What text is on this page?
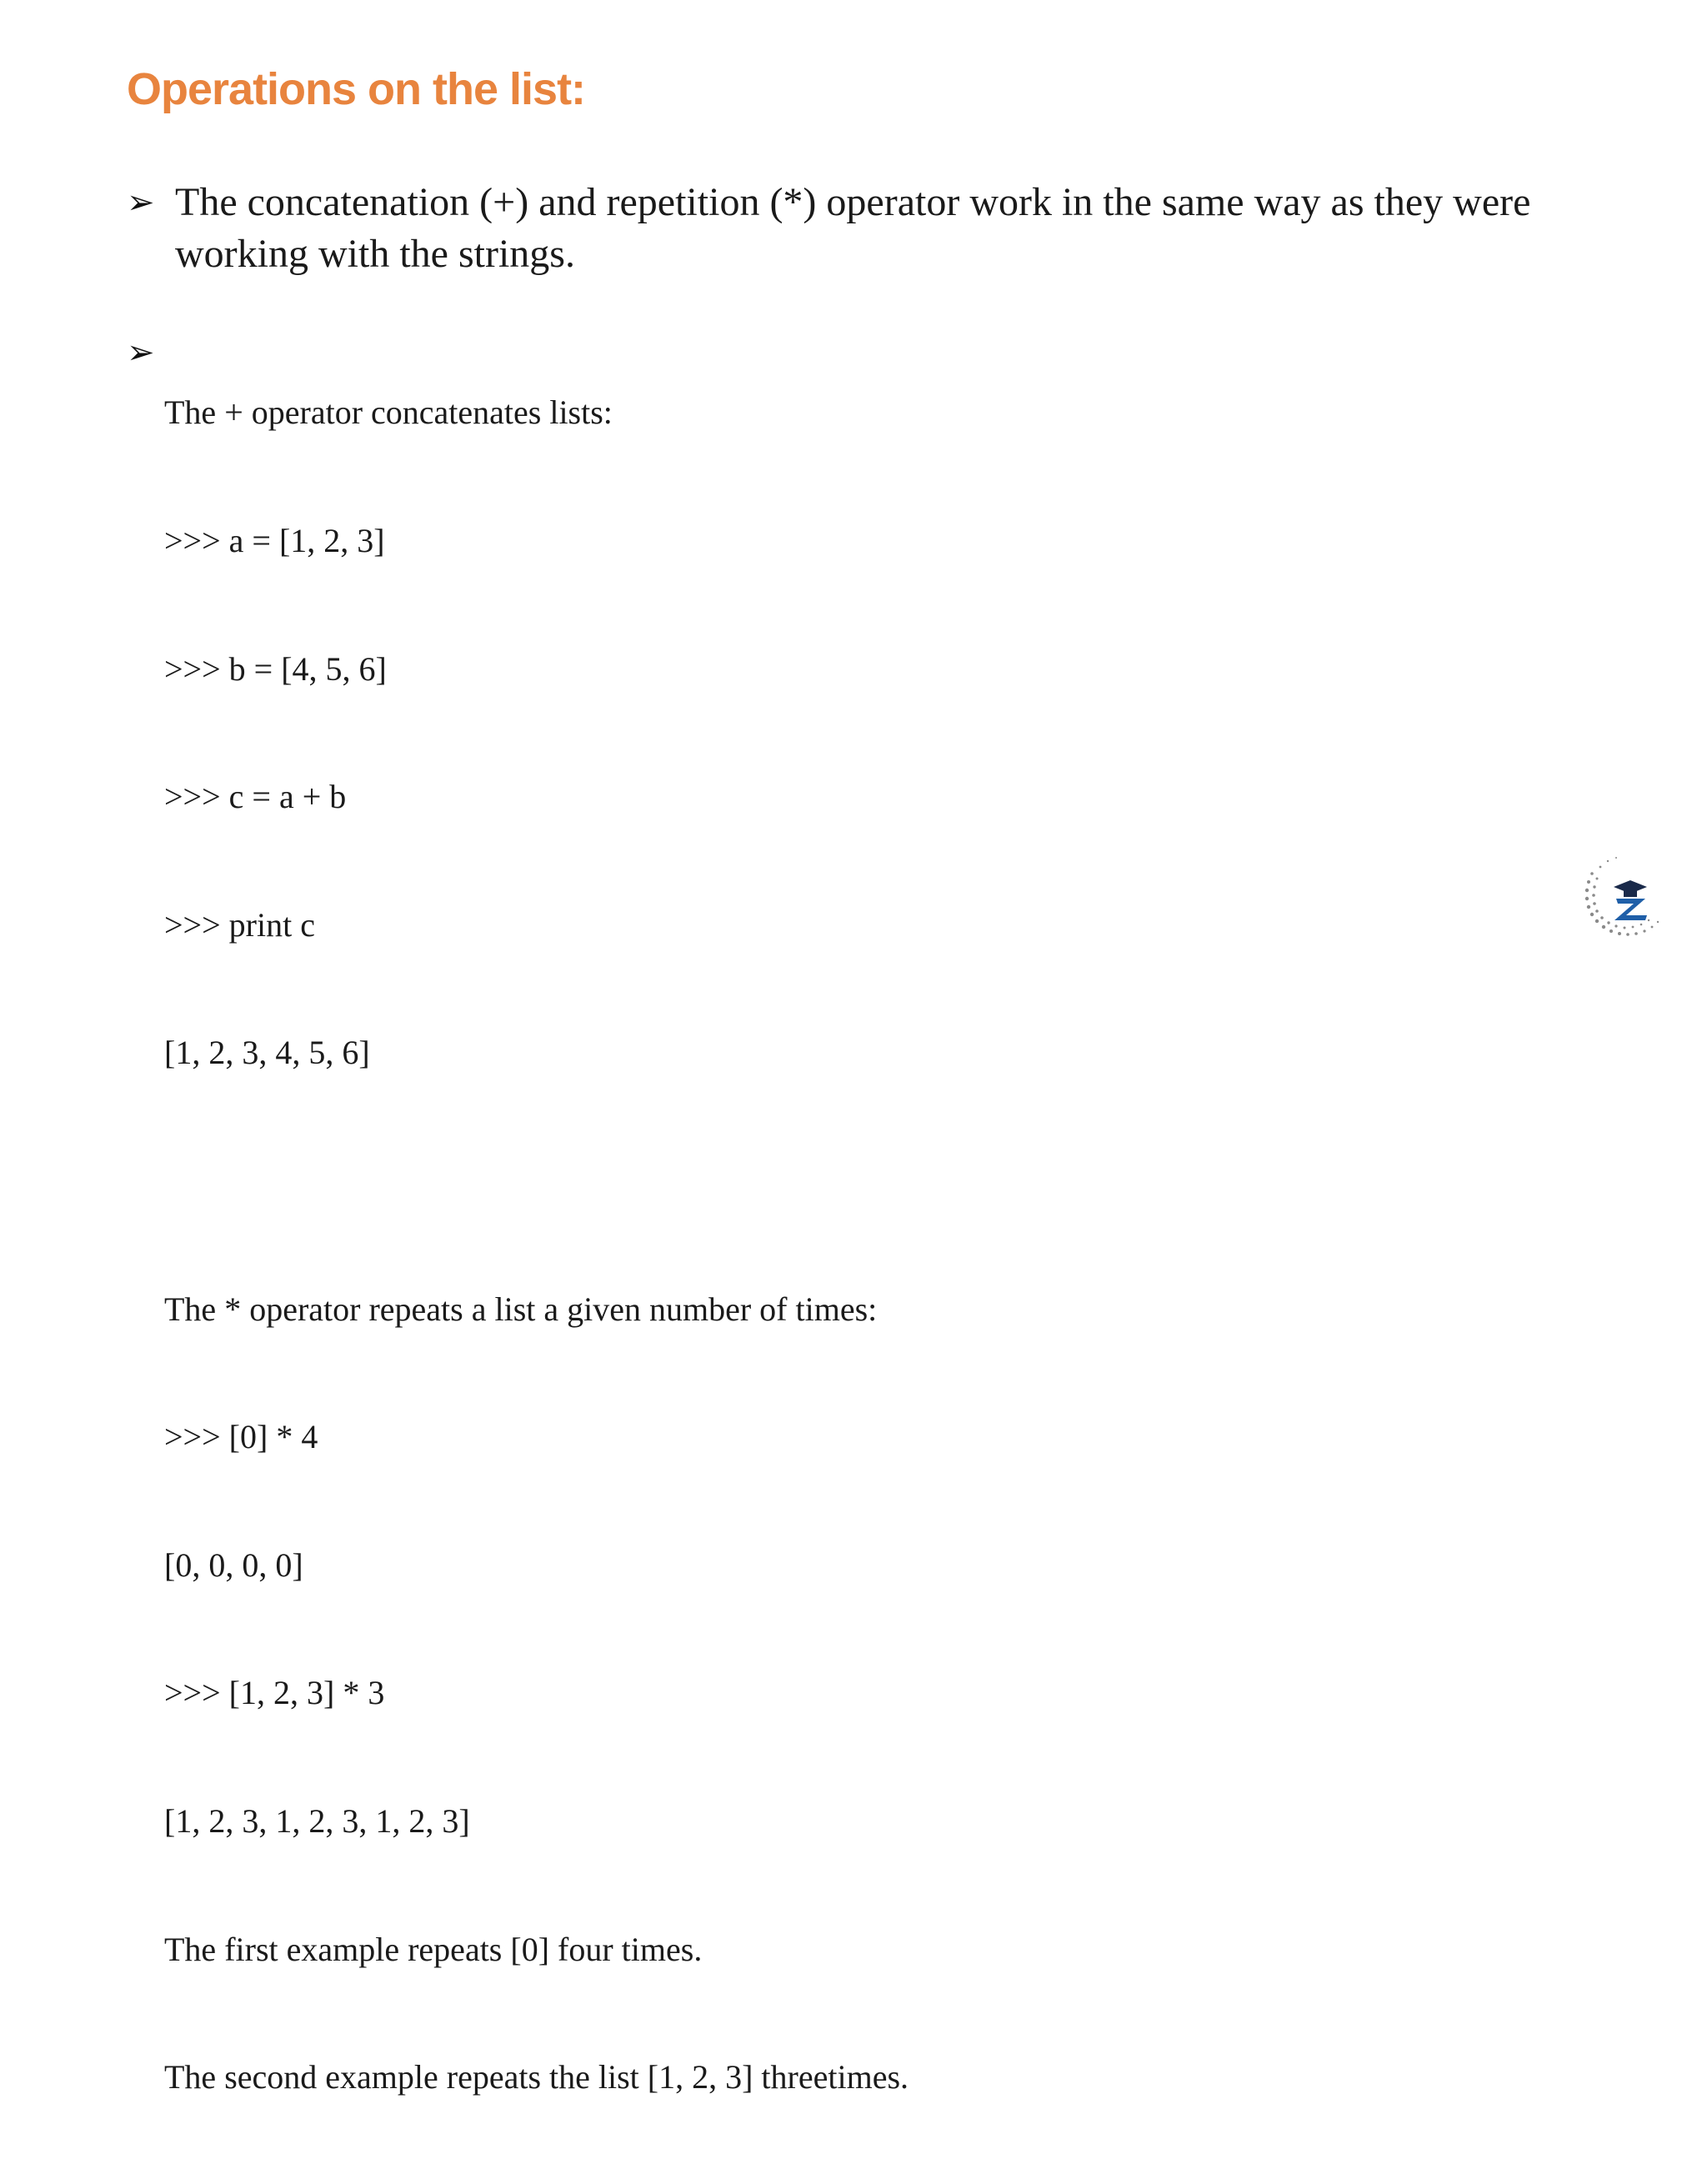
Operations on the list:
➢ The concatenation (+) and repetition (*) operator work in the same way as they were working with the strings.
➢

The + operator concatenates lists:

>>> a = [1, 2, 3]

>>> b = [4, 5, 6]

>>> c = a + b

>>> print c

[1, 2, 3, 4, 5, 6]

The * operator repeats a list a given number of times:

>>> [0] * 4

[0, 0, 0, 0]

>>> [1, 2, 3] * 3

[1, 2, 3, 1, 2, 3, 1, 2, 3]

The first example repeats [0] four times.

The second example repeats the list [1, 2, 3] threetimes.
